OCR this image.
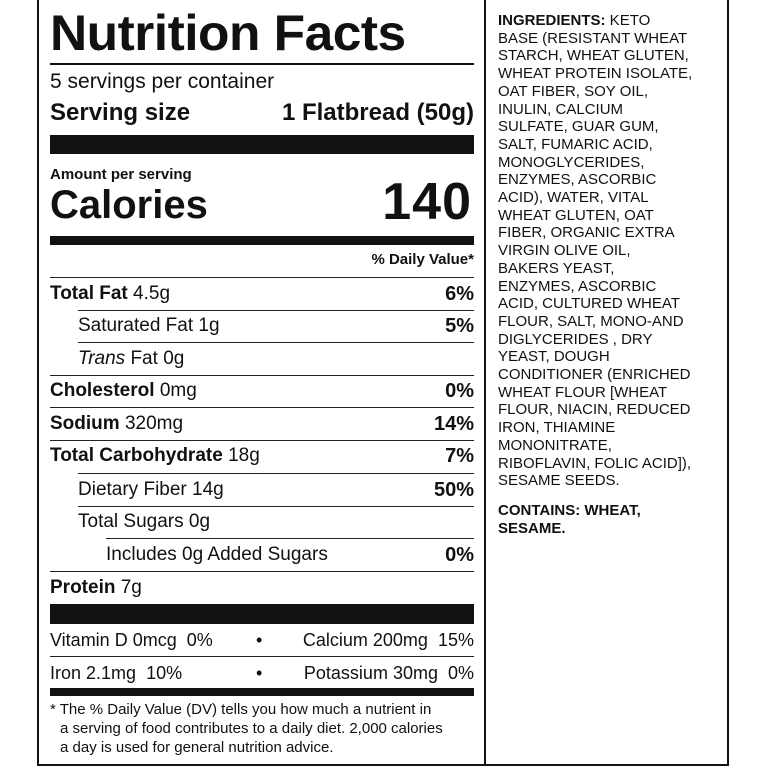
Nutrition Facts
5 servings per container
Serving size	1 Flatbread (50g)
Amount per serving
Calories	140
% Daily Value*
Total Fat 4.5g	6%
Saturated Fat 1g	5%
Trans Fat 0g
Cholesterol 0mg	0%
Sodium 320mg	14%
Total Carbohydrate 18g	7%
Dietary Fiber 14g	50%
Total Sugars 0g
Includes 0g Added Sugars	0%
Protein 7g
Vitamin D 0mcg 0% • Calcium 200mg 15%
Iron 2.1mg 10%	• Potassium 30mg 0%
* The % Daily Value (DV) tells you how much a nutrient in
a serving of food contributes to a daily diet. 2,000 calories
a day is used for general nutrition advice.
INGREDIENTS: KETO
BASE (RESISTANT WHEAT
STARCH, WHEAT GLUTEN,
WHEAT PROTEIN ISOLATE,
OAT FIBER, SOY OIL,
INULIN, CALCIUM
SULFATE, GUAR GUM,
SALT, FUMARIC ACID,
MONOGLYCERIDES,
ENZYMES, ASCORBIC
ACID), WATER, VITAL
WHEAT GLUTEN, OAT
FIBER, ORGANIC EXTRA
VIRGIN OLIVE OIL,
BAKERS YEAST,
ENZYMES, ASCORBIC
ACID, CULTURED WHEAT
FLOUR, SALT, MONO-AND
DIGLYCERIDES , DRY
YEAST, DOUGH
CONDITIONER (ENRICHED
WHEAT FLOUR [WHEAT
FLOUR, NIACIN, REDUCED
IRON, THIAMINE
MONONITRATE,
RIBOFLAVIN, FOLIC ACID]),
SESAME SEEDS.
CONTAINS: WHEAT,
SESAME.
